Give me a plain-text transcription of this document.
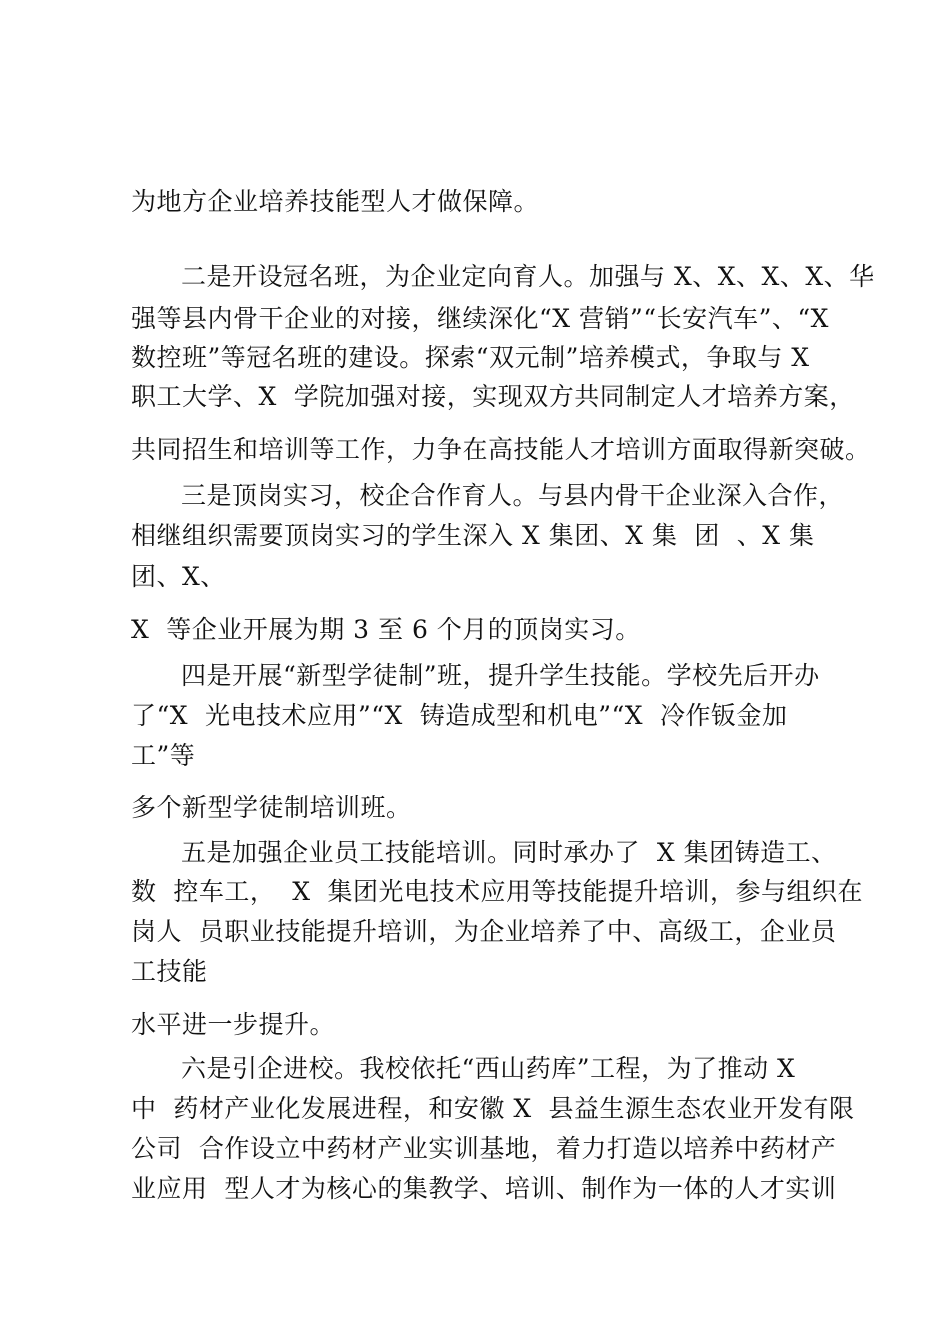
为地方企业培养技能型人才做保障。
二是开设冠名班，为企业定向育人。加强与 X、X、X、X、华
强等县内骨干企业的对接，继续深化“X 营销”“长安汽车”、“X
数控班”等冠名班的建设。探索“双元制”培养模式，争取与 X
职工大学、X  学院加强对接，实现双方共同制定人才培养方案，
共同招生和培训等工作，力争在高技能人才培训方面取得新突破。
三是顶岗实习，校企合作育人。与县内骨干企业深入合作，
相继组织需要顶岗实习的学生深入 X 集团、X 集  团  、X 集
团、X、
X  等企业开展为期 3 至 6 个月的顶岗实习。
四是开展“新型学徒制”班，提升学生技能。学校先后开办
了“X  光电技术应用”“X  铸造成型和机电”“X  冷作钣金加
工”等
多个新型学徒制培训班。
五是加强企业员工技能培训。同时承办了  X 集团铸造工、
数  控车工，  X  集团光电技术应用等技能提升培训，参与组织在
岗人  员职业技能提升培训，为企业培养了中、高级工，企业员
工技能
水平进一步提升。
六是引企进校。我校依托“西山药库”工程，为了推动 X
中  药材产业化发展进程，和安徽 X  县益生源生态农业开发有限
公司  合作设立中药材产业实训基地，着力打造以培养中药材产
业应用  型人才为核心的集教学、培训、制作为一体的人才实训
